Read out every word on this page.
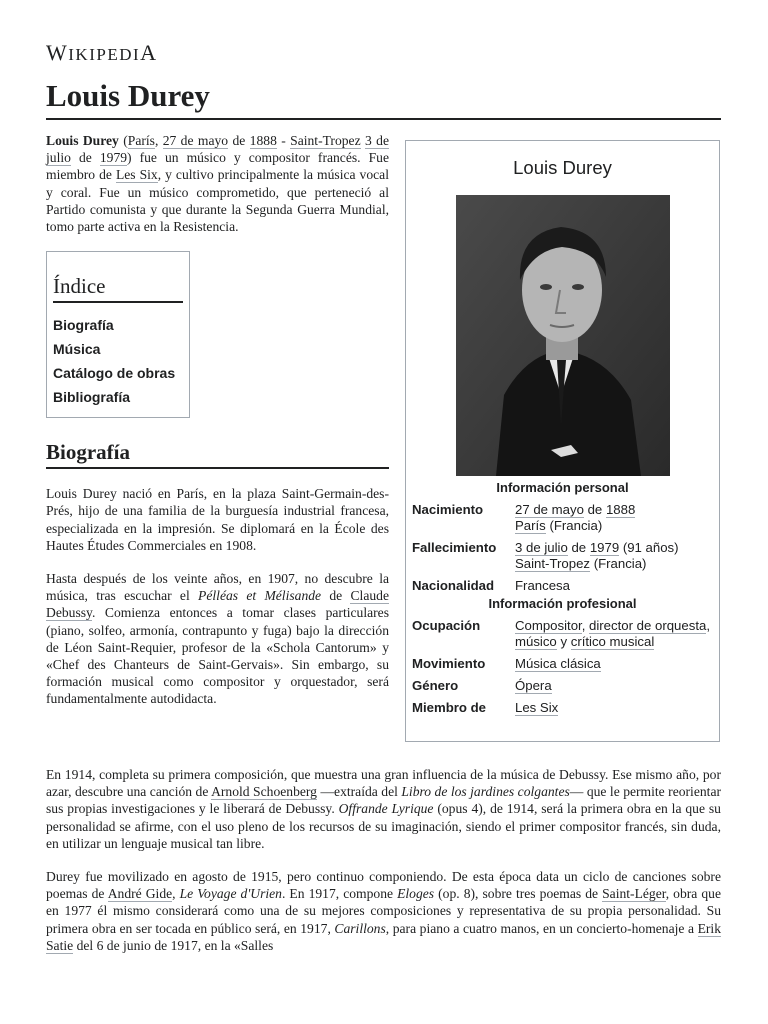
WIKIPEDIA
Louis Durey

Louis Durey (París, 27 de mayo de 1888 - Saint-Tropez 3 de julio de 1979) fue un músico y compositor francés. Fue miembro de Les Six, y cultivo principalmente la música vocal y coral. Fue un músico comprometido, que perteneció al Partido comunista y que durante la Segunda Guerra Mundial, tomo parte activa en la Resistencia.

Índice
Biografía
Música
Catálogo de obras
Bibliografía
Biografía

Louis Durey nació en París, en la plaza Saint-Germain-des-Prés, hijo de una familia de la burguesía industrial francesa, especializada en la impresión. Se diplomará en la École des Hautes Études Commerciales en 1908.

Hasta después de los veinte años, en 1907, no descubre la música, tras escuchar el Pélléas et Mélisande de Claude Debussy. Comienza entonces a tomar clases particulares (piano, solfeo, armonía, contrapunto y fuga) bajo la dirección de Léon Saint-Requier, profesor de la «Schola Cantorum» y «Chef des Chanteurs de Saint-Gervais». Sin embargo, su formación musical como compositor y orquestador, será fundamentalmente autodidacta.

Louis Durey
Información personal
Nacimiento	27 de mayo de 1888
París (Francia)
Fallecimiento	3 de julio de 1979 (91 años)
Saint-Tropez (Francia)
Nacionalidad	Francesa
Información profesional
Ocupación	Compositor, director de orquesta, músico y crítico musical
Movimiento	Música clásica
Género	Ópera
Miembro de	Les Six

En 1914, completa su primera composición, que muestra una gran influencia de la música de Debussy. Ese mismo año, por azar, descubre una canción de Arnold Schoenberg —extraída del Libro de los jardines colgantes— que le permite reorientar sus propias investigaciones y le liberará de Debussy. Offrande Lyrique (opus 4), de 1914, será la primera obra en la que su personalidad se afirme, con el uso pleno de los recursos de su imaginación, siendo el primer compositor francés, sin duda, en utilizar un lenguaje musical tan libre.

Durey fue movilizado en agosto de 1915, pero continuo componiendo. De esta época data un ciclo de canciones sobre poemas de André Gide, Le Voyage d'Urien. En 1917, compone Eloges (op. 8), sobre tres poemas de Saint-Léger, obra que en 1977 él mismo considerará como una de su mejores composiciones y representativa de su propia personalidad. Su primera obra en ser tocada en público será, en 1917, Carillons, para piano a cuatro manos, en un concierto-homenaje a Erik Satie del 6 de junio de 1917, en la «Salles
